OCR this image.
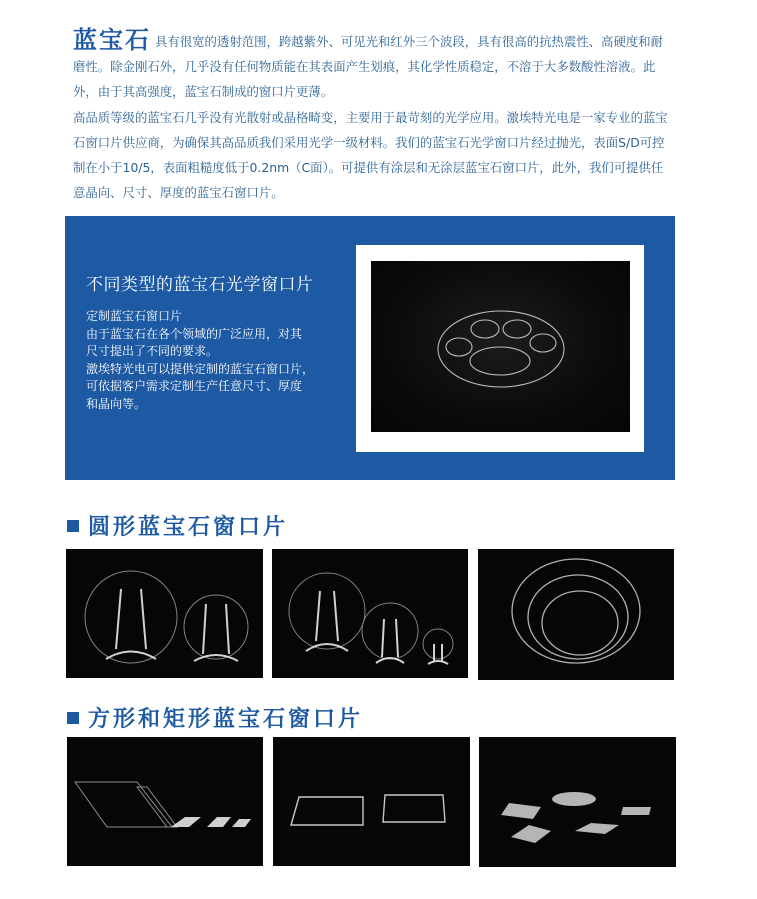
蓝宝石 具有很宽的透射范围，跨越紫外、可见光和红外三个波段，具有很高的抗热震性、高硬度和耐磨性。除金刚石外，几乎没有任何物质能在其表面产生划痕，其化学性质稳定，不溶于大多数酸性溶液。此外，由于其高强度，蓝宝石制成的窗口片更薄。

高品质等级的蓝宝石几乎没有光散射或晶格畸变，主要用于最苛刻的光学应用。激埃特光电是一家专业的蓝宝石窗口片供应商，为确保其高品质我们采用光学一级材料。我们的蓝宝石光学窗口片经过抛光，表面S/D可控制在小于10/5，表面粗糙度低于0.2nm（C面）。可提供有涂层和无涂层蓝宝石窗口片，此外，我们可提供任意晶向、尺寸、厚度的蓝宝石窗口片。

不同类型的蓝宝石光学窗口片
定制蓝宝石窗口片
由于蓝宝石在各个领域的广泛应用，对其
尺寸提出了不同的要求。
激埃特光电可以提供定制的蓝宝石窗口片，
可依据客户需求定制生产任意尺寸、厚度
和晶向等。
圆形蓝宝石窗口片
方形和矩形蓝宝石窗口片
